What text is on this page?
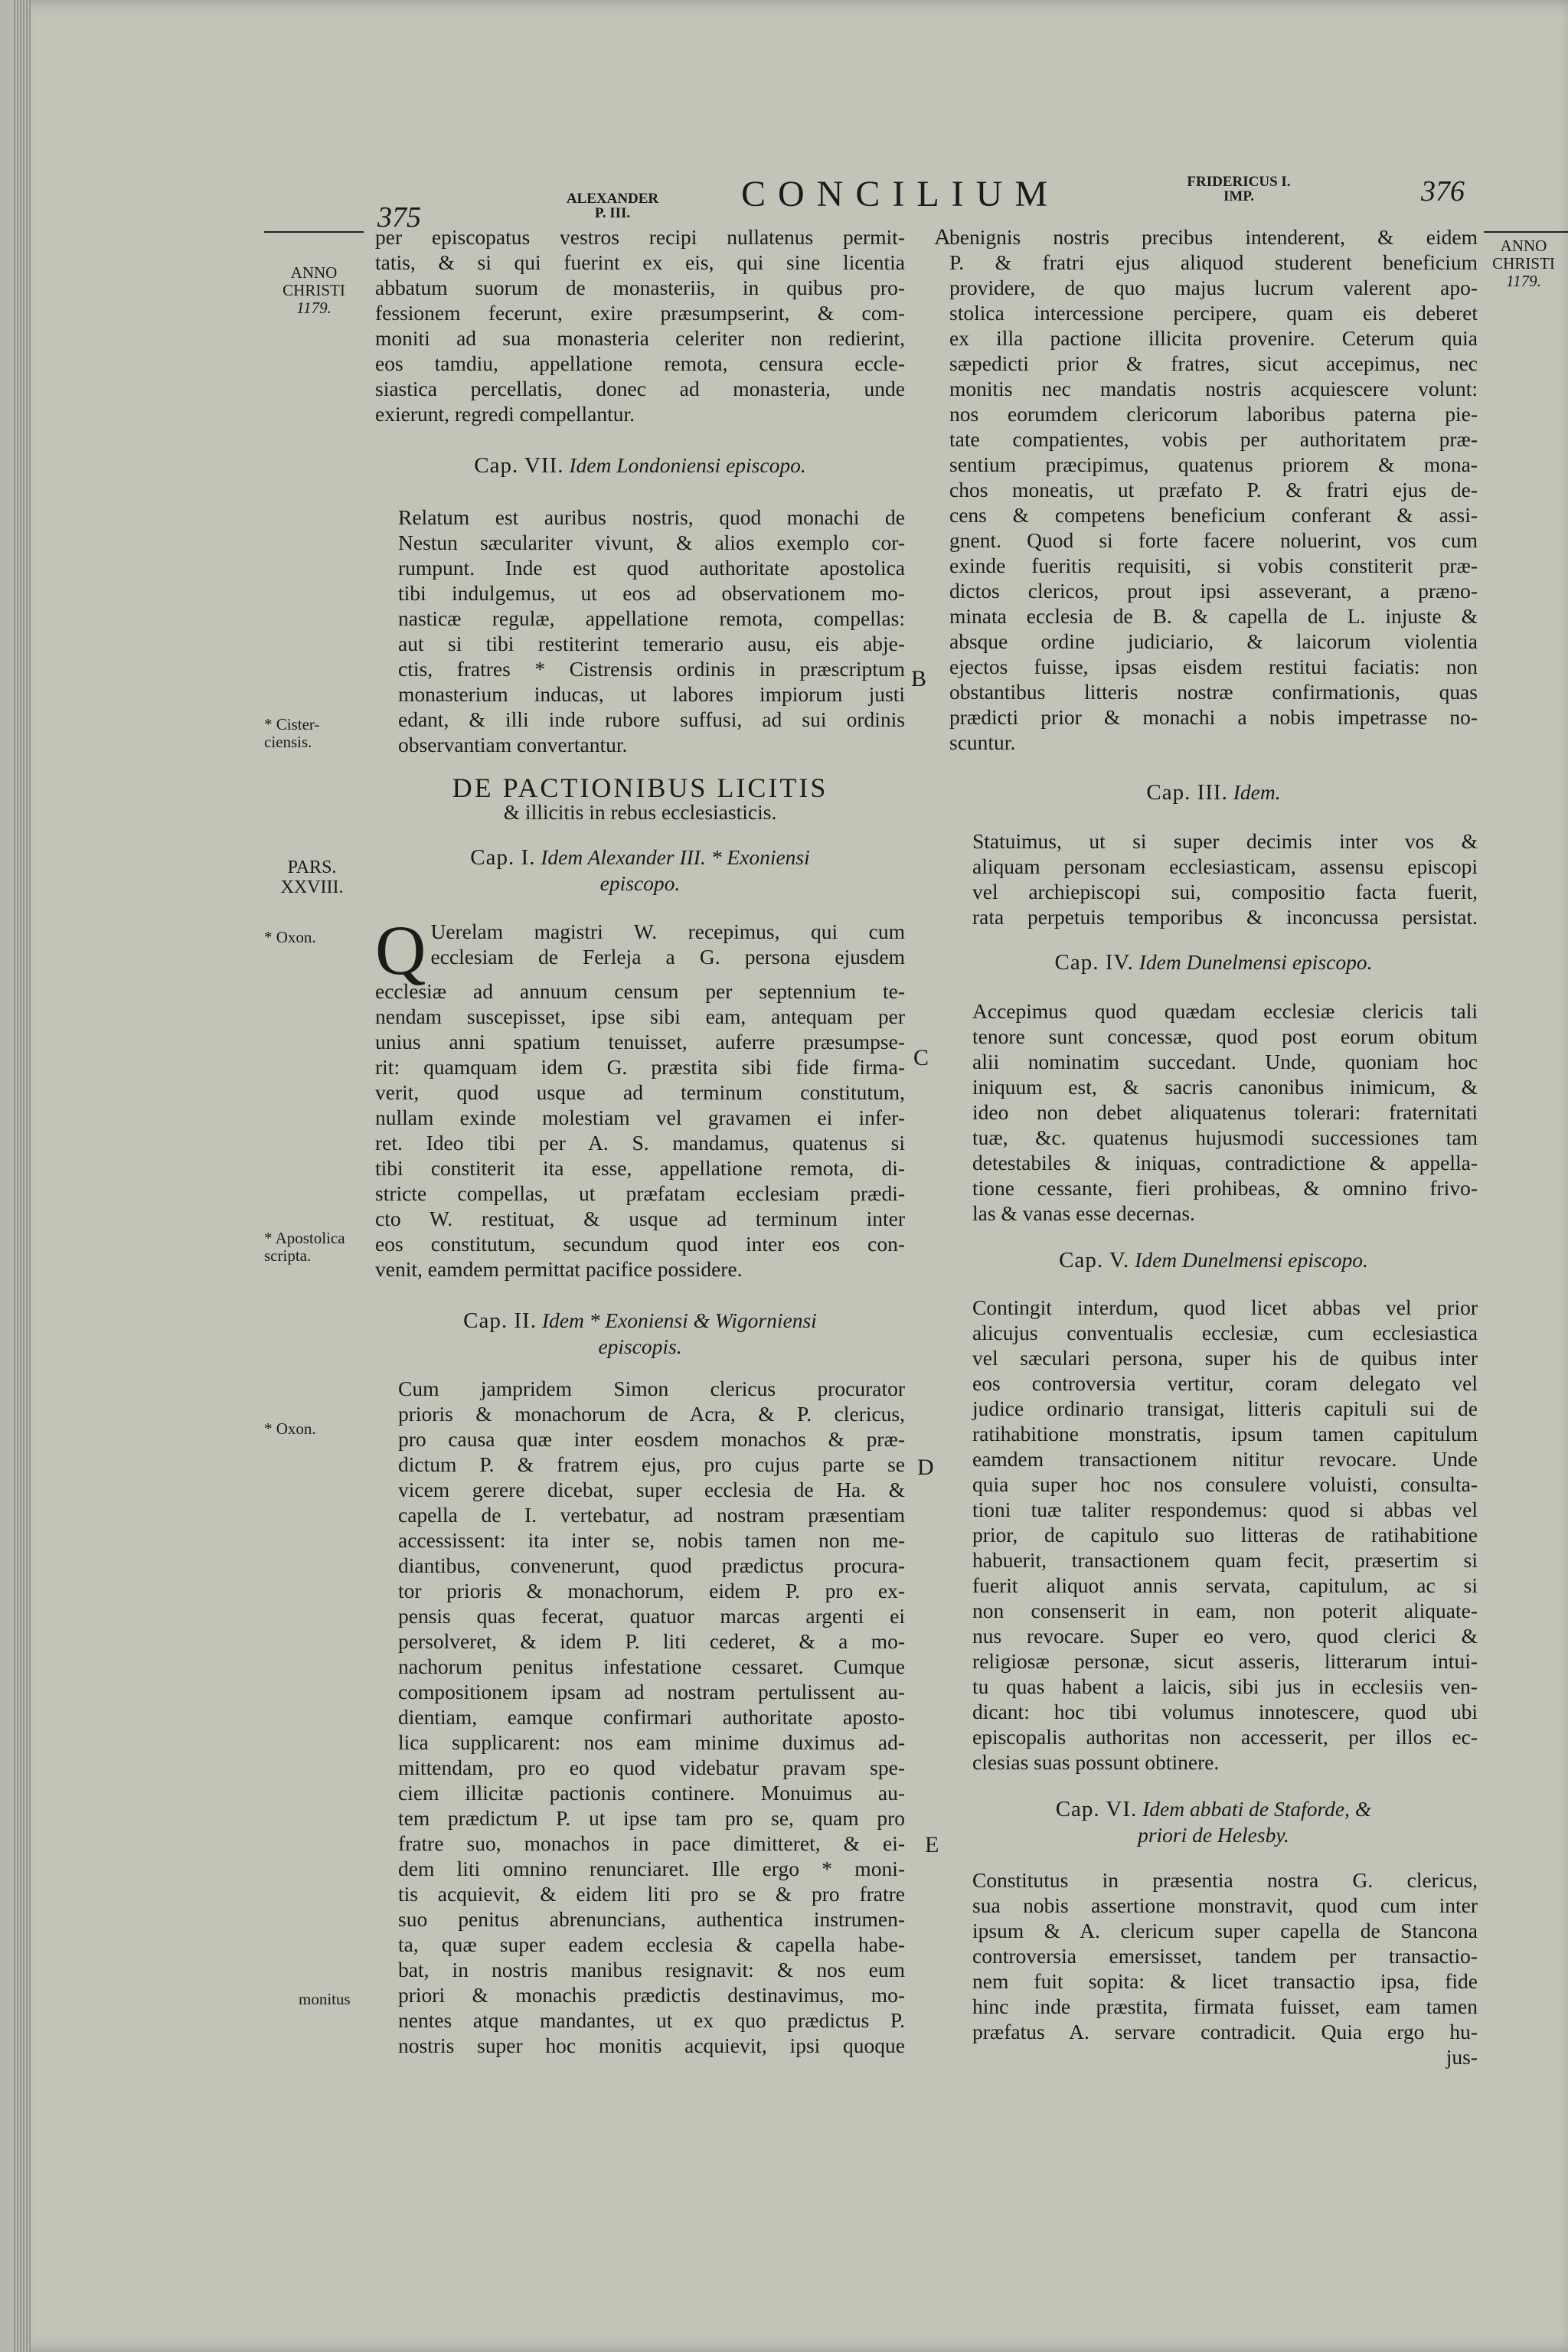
375
ALEXANDER
P. III.	CONCILIUM	FRIDERICUS I.
IMP.	376
ANNO
CHRISTI
1179.
ANNO
CHRISTI
1179.
* Cister-
ciensis.
PARS.
XXVIII.
* Oxon.
* Apostolica
scripta.
* Oxon.
monitus
A
B
C
D
E

per episcopatus vestros recipi nullatenus permit-
tatis, & si qui fuerint ex eis, qui sine licentia
abbatum suorum de monasteriis, in quibus pro-
fessionem fecerunt, exire præsumpserint, & com-
moniti ad sua monasteria celeriter non redierint,
eos tamdiu, appellatione remota, censura eccle-
siastica percellatis, donec ad monasteria, unde
exierunt, regredi compellantur.

Cap. VII. Idem Londoniensi episcopo.

Relatum est auribus nostris, quod monachi de
Nestun sæculariter vivunt, & alios exemplo cor-
rumpunt. Inde est quod authoritate apostolica
tibi indulgemus, ut eos ad observationem mo-
nasticæ regulæ, appellatione remota, compellas:
aut si tibi restiterint temerario ausu, eis abje-
ctis, fratres * Cistrensis ordinis in præscriptum
monasterium inducas, ut labores impiorum justi
edant, & illi inde rubore suffusi, ad sui ordinis
observantiam convertantur.

DE PACTIONIBUS LICITIS
& illicitis in rebus ecclesiasticis.
Cap. I. Idem Alexander III. * Exoniensi
episcopo.

Q Uerelam magistri W. recepimus, qui cum
ecclesiam de Ferleja a G. persona ejusdem
ecclesiæ ad annuum censum per septennium te-
nendam suscepisset, ipse sibi eam, antequam per
unius anni spatium tenuisset, auferre præsumpse-
rit: quamquam idem G. præstita sibi fide firma-
verit, quod usque ad terminum constitutum,
nullam exinde molestiam vel gravamen ei infer-
ret. Ideo tibi per A. S. mandamus, quatenus si
tibi constiterit ita esse, appellatione remota, di-
stricte compellas, ut præfatam ecclesiam prædi-
cto W. restituat, & usque ad terminum inter
eos constitutum, secundum quod inter eos con-
venit, eamdem permittat pacifice possidere.

Cap. II. Idem * Exoniensi & Wigorniensi
episcopis.

Cum jampridem Simon clericus procurator
prioris & monachorum de Acra, & P. clericus,
pro causa quæ inter eosdem monachos & præ-
dictum P. & fratrem ejus, pro cujus parte se
vicem gerere dicebat, super ecclesia de Ha. &
capella de I. vertebatur, ad nostram præsentiam
accessissent: ita inter se, nobis tamen non me-
diantibus, convenerunt, quod prædictus procura-
tor prioris & monachorum, eidem P. pro ex-
pensis quas fecerat, quatuor marcas argenti ei
persolveret, & idem P. liti cederet, & a mo-
nachorum penitus infestatione cessaret. Cumque
compositionem ipsam ad nostram pertulissent au-
dientiam, eamque confirmari authoritate aposto-
lica supplicarent: nos eam minime duximus ad-
mittendam, pro eo quod videbatur pravam spe-
ciem illicitæ pactionis continere. Monuimus au-
tem prædictum P. ut ipse tam pro se, quam pro
fratre suo, monachos in pace dimitteret, & ei-
dem liti omnino renunciaret. Ille ergo * moni-
tis acquievit, & eidem liti pro se & pro fratre
suo penitus abrenuncians, authentica instrumen-
ta, quæ super eadem ecclesia & capella habe-
bat, in nostris manibus resignavit: & nos eum
priori & monachis prædictis destinavimus, mo-
nentes atque mandantes, ut ex quo prædictus P.
nostris super hoc monitis acquievit, ipsi quoque

benignis nostris precibus intenderent, & eidem
P. & fratri ejus aliquod studerent beneficium
providere, de quo majus lucrum valerent apo-
stolica intercessione percipere, quam eis deberet
ex illa pactione illicita provenire. Ceterum quia
sæpedicti prior & fratres, sicut accepimus, nec
monitis nec mandatis nostris acquiescere volunt:
nos eorumdem clericorum laboribus paterna pie-
tate compatientes, vobis per authoritatem præ-
sentium præcipimus, quatenus priorem & mona-
chos moneatis, ut præfato P. & fratri ejus de-
cens & competens beneficium conferant & assi-
gnent. Quod si forte facere noluerint, vos cum
exinde fueritis requisiti, si vobis constiterit præ-
dictos clericos, prout ipsi asseverant, a præno-
minata ecclesia de B. & capella de L. injuste &
absque ordine judiciario, & laicorum violentia
ejectos fuisse, ipsas eisdem restitui faciatis: non
obstantibus litteris nostræ confirmationis, quas
prædicti prior & monachi a nobis impetrasse no-
scuntur.

Cap. III. Idem.

Statuimus, ut si super decimis inter vos &
aliquam personam ecclesiasticam, assensu episcopi
vel archiepiscopi sui, compositio facta fuerit,
rata perpetuis temporibus & inconcussa persistat.

Cap. IV. Idem Dunelmensi episcopo.

Accepimus quod quædam ecclesiæ clericis tali
tenore sunt concessæ, quod post eorum obitum
alii nominatim succedant. Unde, quoniam hoc
iniquum est, & sacris canonibus inimicum, &
ideo non debet aliquatenus tolerari: fraternitati
tuæ, &c. quatenus hujusmodi successiones tam
detestabiles & iniquas, contradictione & appella-
tione cessante, fieri prohibeas, & omnino frivo-
las & vanas esse decernas.

Cap. V. Idem Dunelmensi episcopo.

Contingit interdum, quod licet abbas vel prior
alicujus conventualis ecclesiæ, cum ecclesiastica
vel sæculari persona, super his de quibus inter
eos controversia vertitur, coram delegato vel
judice ordinario transigat, litteris capituli sui de
ratihabitione monstratis, ipsum tamen capitulum
eamdem transactionem nititur revocare. Unde
quia super hoc nos consulere voluisti, consulta-
tioni tuæ taliter respondemus: quod si abbas vel
prior, de capitulo suo litteras de ratihabitione
habuerit, transactionem quam fecit, præsertim si
fuerit aliquot annis servata, capitulum, ac si
non consenserit in eam, non poterit aliquate-
nus revocare. Super eo vero, quod clerici &
religiosæ personæ, sicut asseris, litterarum intui-
tu quas habent a laicis, sibi jus in ecclesiis ven-
dicant: hoc tibi volumus innotescere, quod ubi
episcopalis authoritas non accesserit, per illos ec-
clesias suas possunt obtinere.

Cap. VI. Idem abbati de Staforde, &
priori de Helesby.

Constitutus in præsentia nostra G. clericus,
sua nobis assertione monstravit, quod cum inter
ipsum & A. clericum super capella de Stancona
controversia emersisset, tandem per transactio-
nem fuit sopita: & licet transactio ipsa, fide
hinc inde præstita, firmata fuisset, eam tamen
præfatus A. servare contradicit. Quia ergo hu-
jus-
